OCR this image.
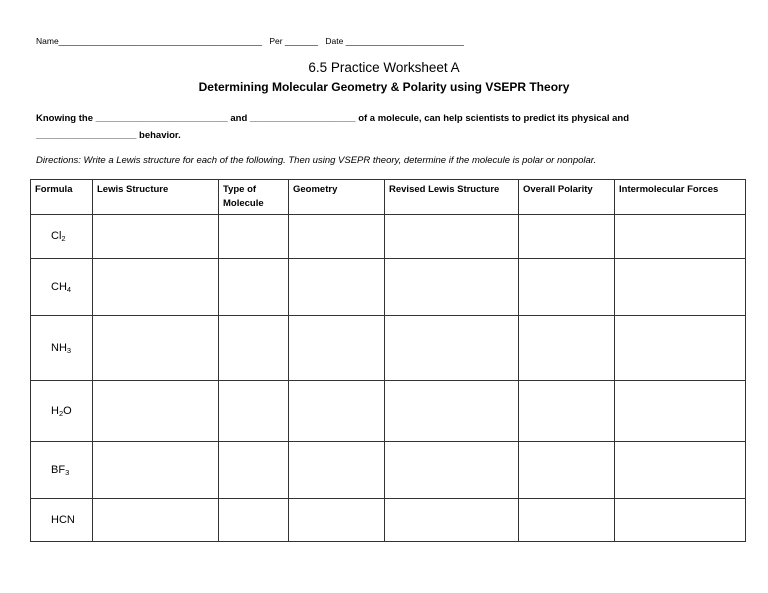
Name___________________________________________ Per _______ Date _________________________
6.5 Practice Worksheet A
Determining Molecular Geometry & Polarity using VSEPR Theory
Knowing the _________________________ and ____________________ of a molecule, can help scientists to predict its physical and
___________________ behavior.
Directions: Write a Lewis structure for each of the following. Then using VSEPR theory, determine if the molecule is polar or nonpolar.
Formula	Lewis Structure	Type of Molecule	Geometry	Revised Lewis Structure	Overall Polarity	Intermolecular Forces
$Cl_2$						
$CH_4$						
$NH_3$						
$H_2O$						
$BF_3$						
HCN						
